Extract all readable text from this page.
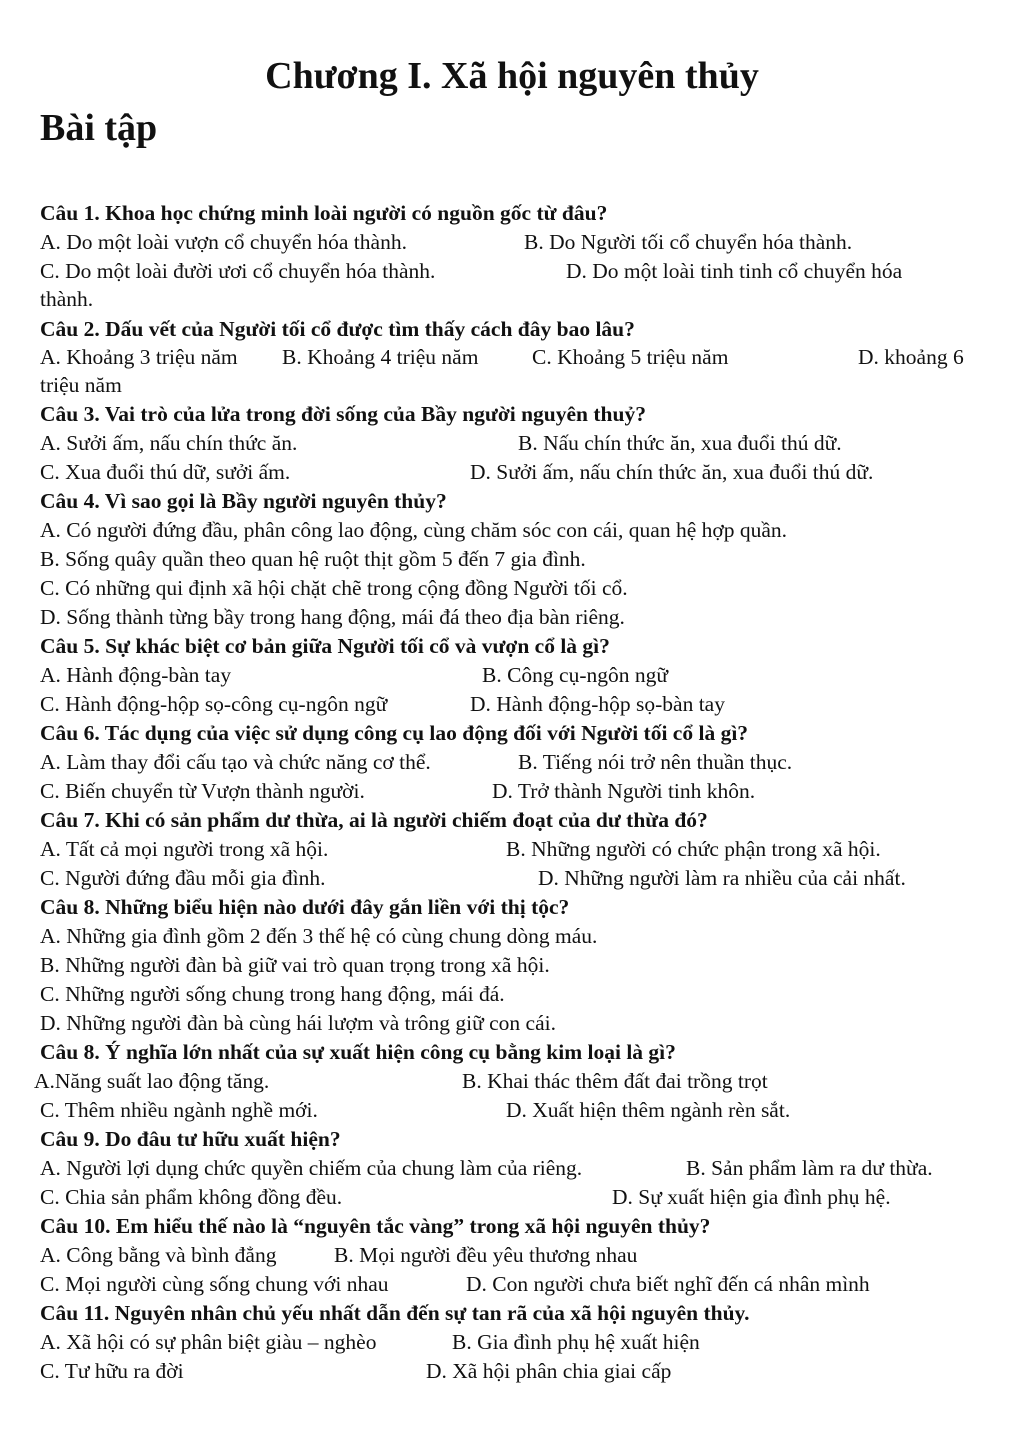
Chương I. Xã hội nguyên thủy
Bài tập
Câu 1. Khoa học chứng minh loài người có nguồn gốc từ đâu?
A. Do một loài vượn cổ chuyển hóa thành.	B. Do Người tối cổ chuyển hóa thành.
C. Do một loài đười ươi cổ chuyển hóa thành.	D. Do một loài tinh tinh cổ chuyển hóa
thành.
Câu 2. Dấu vết của Người tối cổ được tìm thấy cách đây bao lâu?
A. Khoảng 3 triệu năm B. Khoảng 4 triệu năm C. Khoảng 5 triệu năm	D. khoảng 6
triệu năm
Câu 3. Vai trò của lửa trong đời sống của Bầy người nguyên thuỷ?
A. Sưởi ấm, nấu chín thức ăn.	B. Nấu chín thức ăn, xua đuổi thú dữ.
C. Xua đuổi thú dữ, sưởi ấm.	D. Sưởi ấm, nấu chín thức ăn, xua đuổi thú dữ.
Câu 4. Vì sao gọi là Bầy người nguyên thủy?
A. Có người đứng đầu, phân công lao động, cùng chăm sóc con cái, quan hệ hợp quần.
B. Sống quây quần theo quan hệ ruột thịt gồm 5 đến 7 gia đình.
C. Có những qui định xã hội chặt chẽ trong cộng đồng Người tối cổ.
D. Sống thành từng bầy trong hang động, mái đá theo địa bàn riêng.
Câu 5. Sự khác biệt cơ bản giữa Người tối cổ và vượn cổ là gì?
A. Hành động-bàn tay	B. Công cụ-ngôn ngữ
C. Hành động-hộp sọ-công cụ-ngôn ngữ	D. Hành động-hộp sọ-bàn tay
Câu 6. Tác dụng của việc sử dụng công cụ lao động đối với Người tối cổ là gì?
A. Làm thay đổi cấu tạo và chức năng cơ thể.	B. Tiếng nói trở nên thuần thục.
C. Biến chuyển từ Vượn thành người.	D. Trở thành Người tinh khôn.
Câu 7. Khi có sản phẩm dư thừa, ai là người chiếm đoạt của dư thừa đó?
A. Tất cả mọi người trong xã hội.	B. Những người có chức phận trong xã hội.
C. Người đứng đầu mỗi gia đình.	D. Những người làm ra nhiều của cải nhất.
Câu 8. Những biểu hiện nào dưới đây gắn liền với thị tộc?
A. Những gia đình gồm 2 đến 3 thế hệ có cùng chung dòng máu.
B. Những người đàn bà giữ vai trò quan trọng trong xã hội.
C. Những người sống chung trong hang động, mái đá.
D. Những người đàn bà cùng hái lượm và trông giữ con cái.
Câu 8. Ý nghĩa lớn nhất của sự xuất hiện công cụ bằng kim loại là gì?
A.Năng suất lao động tăng.	B. Khai thác thêm đất đai trồng trọt
C. Thêm nhiều ngành nghề mới.	D. Xuất hiện thêm ngành rèn sắt.
Câu 9. Do đâu tư hữu xuất hiện?
A. Người lợi dụng chức quyền chiếm của chung làm của riêng.	B. Sản phẩm làm ra dư thừa.
C. Chia sản phẩm không đồng đều.	D. Sự xuất hiện gia đình phụ hệ.
Câu 10. Em hiểu thế nào là “nguyên tắc vàng” trong xã hội nguyên thủy?
A. Công bằng và bình đẳng	B. Mọi người đều yêu thương nhau
C. Mọi người cùng sống chung với nhau	D. Con người chưa biết nghĩ đến cá nhân mình
Câu 11. Nguyên nhân chủ yếu nhất dẫn đến sự tan rã của xã hội nguyên thủy.
A. Xã hội có sự phân biệt giàu – nghèo	B. Gia đình phụ hệ xuất hiện
C. Tư hữu ra đời	D. Xã hội phân chia giai cấp
